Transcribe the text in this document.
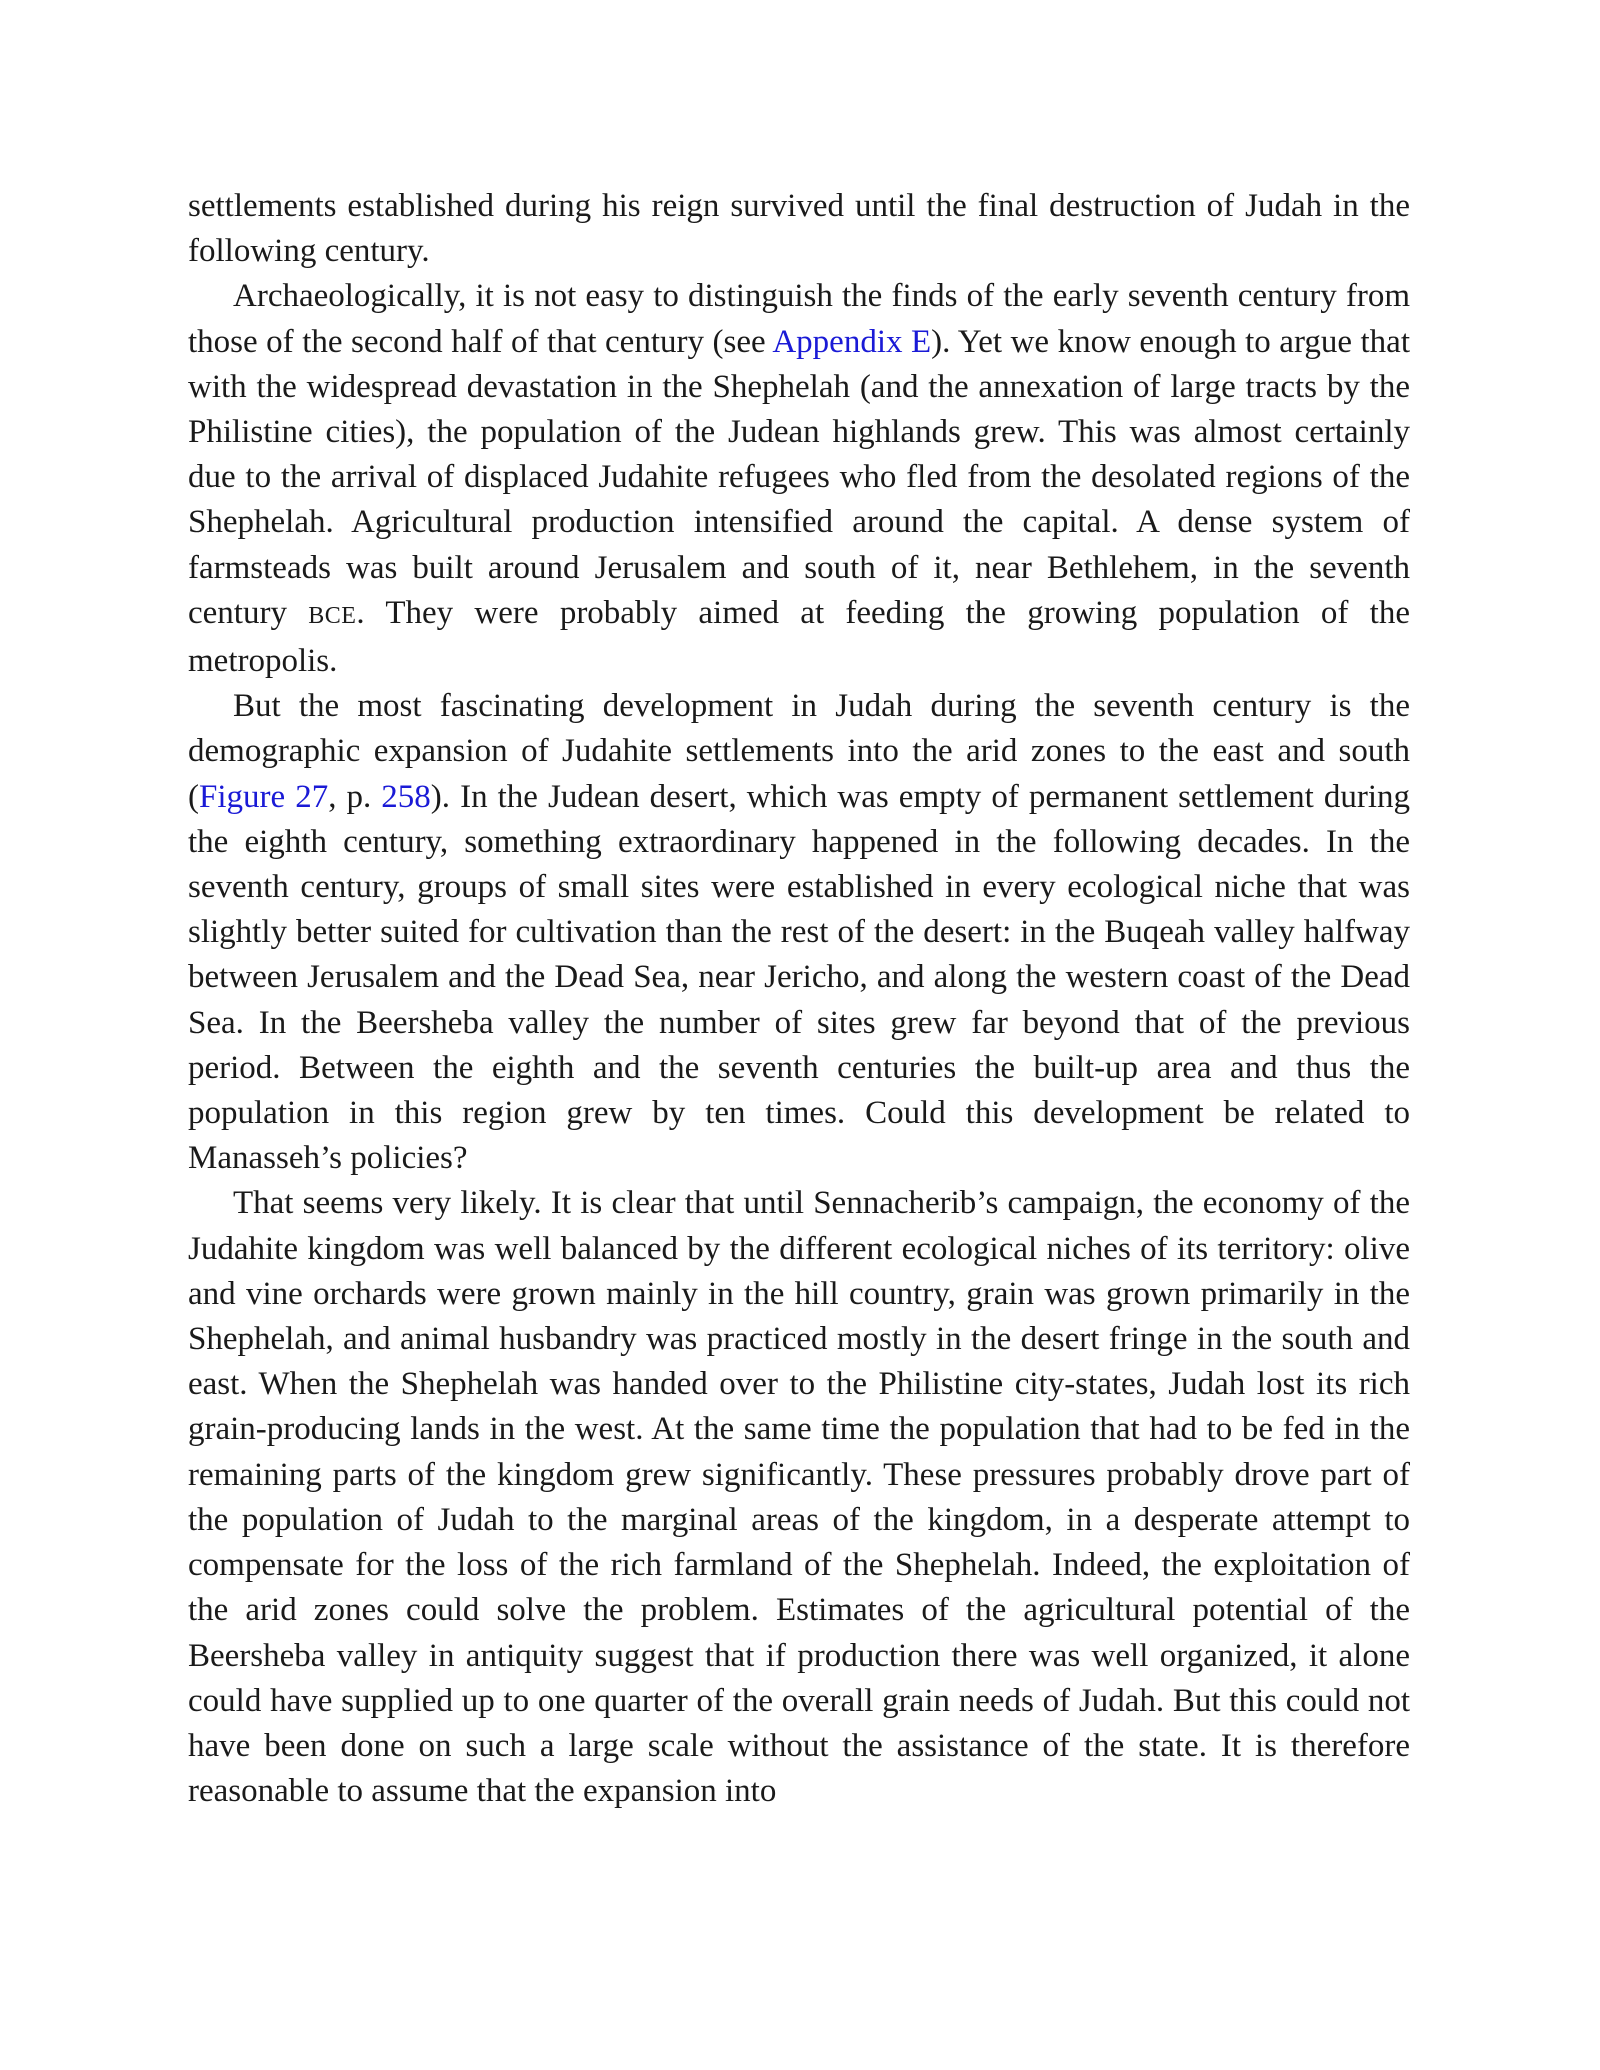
settlements established during his reign survived until the final destruction of Judah in the following century.

Archaeologically, it is not easy to distinguish the finds of the early seventh century from those of the second half of that century (see Appendix E). Yet we know enough to argue that with the widespread devastation in the Shephelah (and the annexation of large tracts by the Philistine cities), the population of the Judean highlands grew. This was almost certainly due to the arrival of displaced Judahite refugees who fled from the desolated regions of the Shephelah. Agricultural production intensified around the capital. A dense system of farmsteads was built around Jerusalem and south of it, near Bethlehem, in the seventh century BCE. They were probably aimed at feeding the growing population of the metropolis.

But the most fascinating development in Judah during the seventh century is the demographic expansion of Judahite settlements into the arid zones to the east and south (Figure 27, p. 258). In the Judean desert, which was empty of permanent settlement during the eighth century, something extraordinary happened in the following decades. In the seventh century, groups of small sites were established in every ecological niche that was slightly better suited for cultivation than the rest of the desert: in the Buqeah valley halfway between Jerusalem and the Dead Sea, near Jericho, and along the western coast of the Dead Sea. In the Beersheba valley the number of sites grew far beyond that of the previous period. Between the eighth and the seventh centuries the built-up area and thus the population in this region grew by ten times. Could this development be related to Manasseh’s policies?

That seems very likely. It is clear that until Sennacherib’s campaign, the economy of the Judahite kingdom was well balanced by the different ecological niches of its territory: olive and vine orchards were grown mainly in the hill country, grain was grown primarily in the Shephelah, and animal husbandry was practiced mostly in the desert fringe in the south and east. When the Shephelah was handed over to the Philistine city-states, Judah lost its rich grain-producing lands in the west. At the same time the population that had to be fed in the remaining parts of the kingdom grew significantly. These pressures probably drove part of the population of Judah to the marginal areas of the kingdom, in a desperate attempt to compensate for the loss of the rich farmland of the Shephelah. Indeed, the exploitation of the arid zones could solve the problem. Estimates of the agricultural potential of the Beersheba valley in antiquity suggest that if production there was well organized, it alone could have supplied up to one quarter of the overall grain needs of Judah. But this could not have been done on such a large scale without the assistance of the state. It is therefore reasonable to assume that the expansion into
